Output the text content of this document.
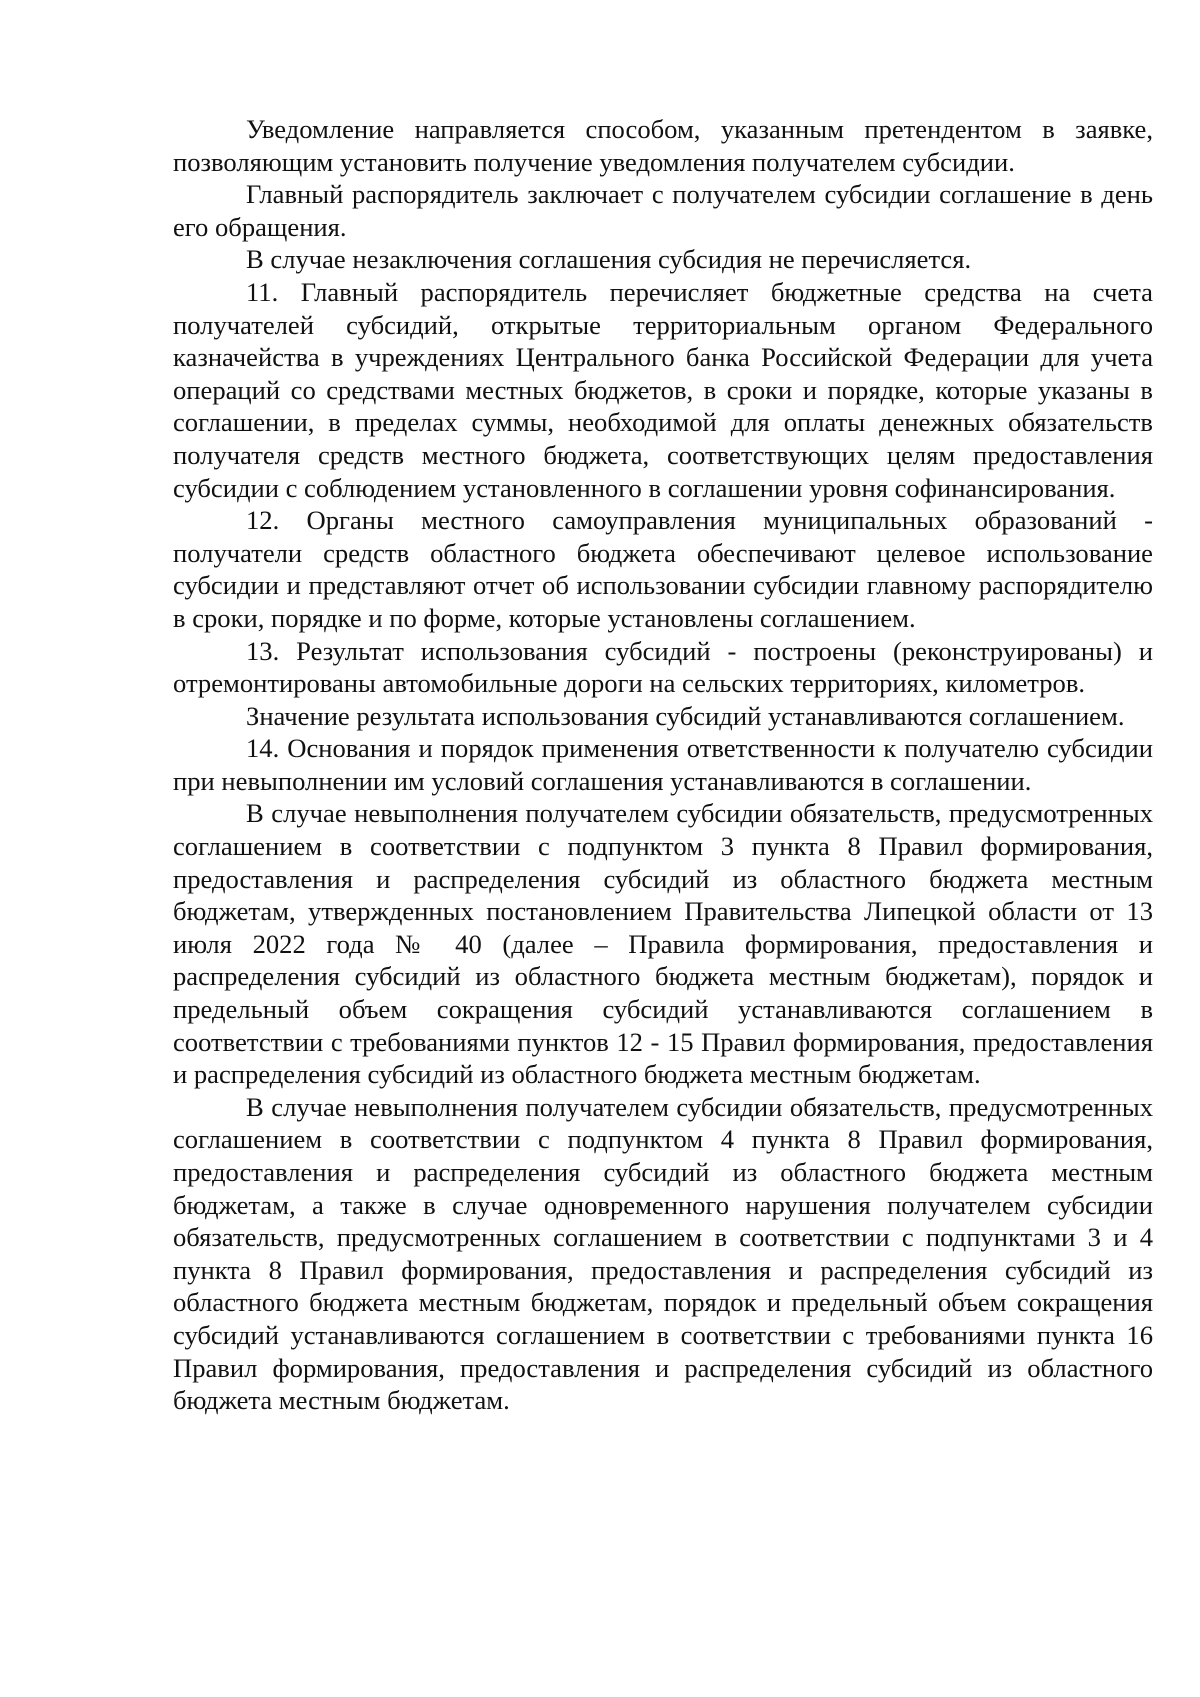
Уведомление направляется способом, указанным претендентом в заявке, позволяющим установить получение уведомления получателем субсидии.

Главный распорядитель заключает с получателем субсидии соглашение в день его обращения.

В случае незаключения соглашения субсидия не перечисляется.

11. Главный распорядитель перечисляет бюджетные средства на счета получателей субсидий, открытые территориальным органом Федерального казначейства в учреждениях Центрального банка Российской Федерации для учета операций со средствами местных бюджетов, в сроки и порядке, которые указаны в соглашении, в пределах суммы, необходимой для оплаты денежных обязательств получателя средств местного бюджета, соответствующих целям предоставления субсидии с соблюдением установленного в соглашении уровня софинансирования.

12. Органы местного самоуправления муниципальных образований - получатели средств областного бюджета обеспечивают целевое использование субсидии и представляют отчет об использовании субсидии главному распорядителю в сроки, порядке и по форме, которые установлены соглашением.

13. Результат использования субсидий - построены (реконструированы) и отремонтированы автомобильные дороги на сельских территориях, километров.

Значение результата использования субсидий устанавливаются соглашением.

14. Основания и порядок применения ответственности к получателю субсидии при невыполнении им условий соглашения устанавливаются в соглашении.

В случае невыполнения получателем субсидии обязательств, предусмотренных соглашением в соответствии с подпунктом 3 пункта 8 Правил формирования, предоставления и распределения субсидий из областного бюджета местным бюджетам, утвержденных постановлением Правительства Липецкой области от 13 июля 2022 года № 40 (далее – Правила формирования, предоставления и распределения субсидий из областного бюджета местным бюджетам), порядок и предельный объем сокращения субсидий устанавливаются соглашением в соответствии с требованиями пунктов 12 - 15 Правил формирования, предоставления и распределения субсидий из областного бюджета местным бюджетам.

В случае невыполнения получателем субсидии обязательств, предусмотренных соглашением в соответствии с подпунктом 4 пункта 8 Правил формирования, предоставления и распределения субсидий из областного бюджета местным бюджетам, а также в случае одновременного нарушения получателем субсидии обязательств, предусмотренных соглашением в соответствии с подпунктами 3 и 4 пункта 8 Правил формирования, предоставления и распределения субсидий из областного бюджета местным бюджетам, порядок и предельный объем сокращения субсидий устанавливаются соглашением в соответствии с требованиями пункта 16 Правил формирования, предоставления и распределения субсидий из областного бюджета местным бюджетам.
